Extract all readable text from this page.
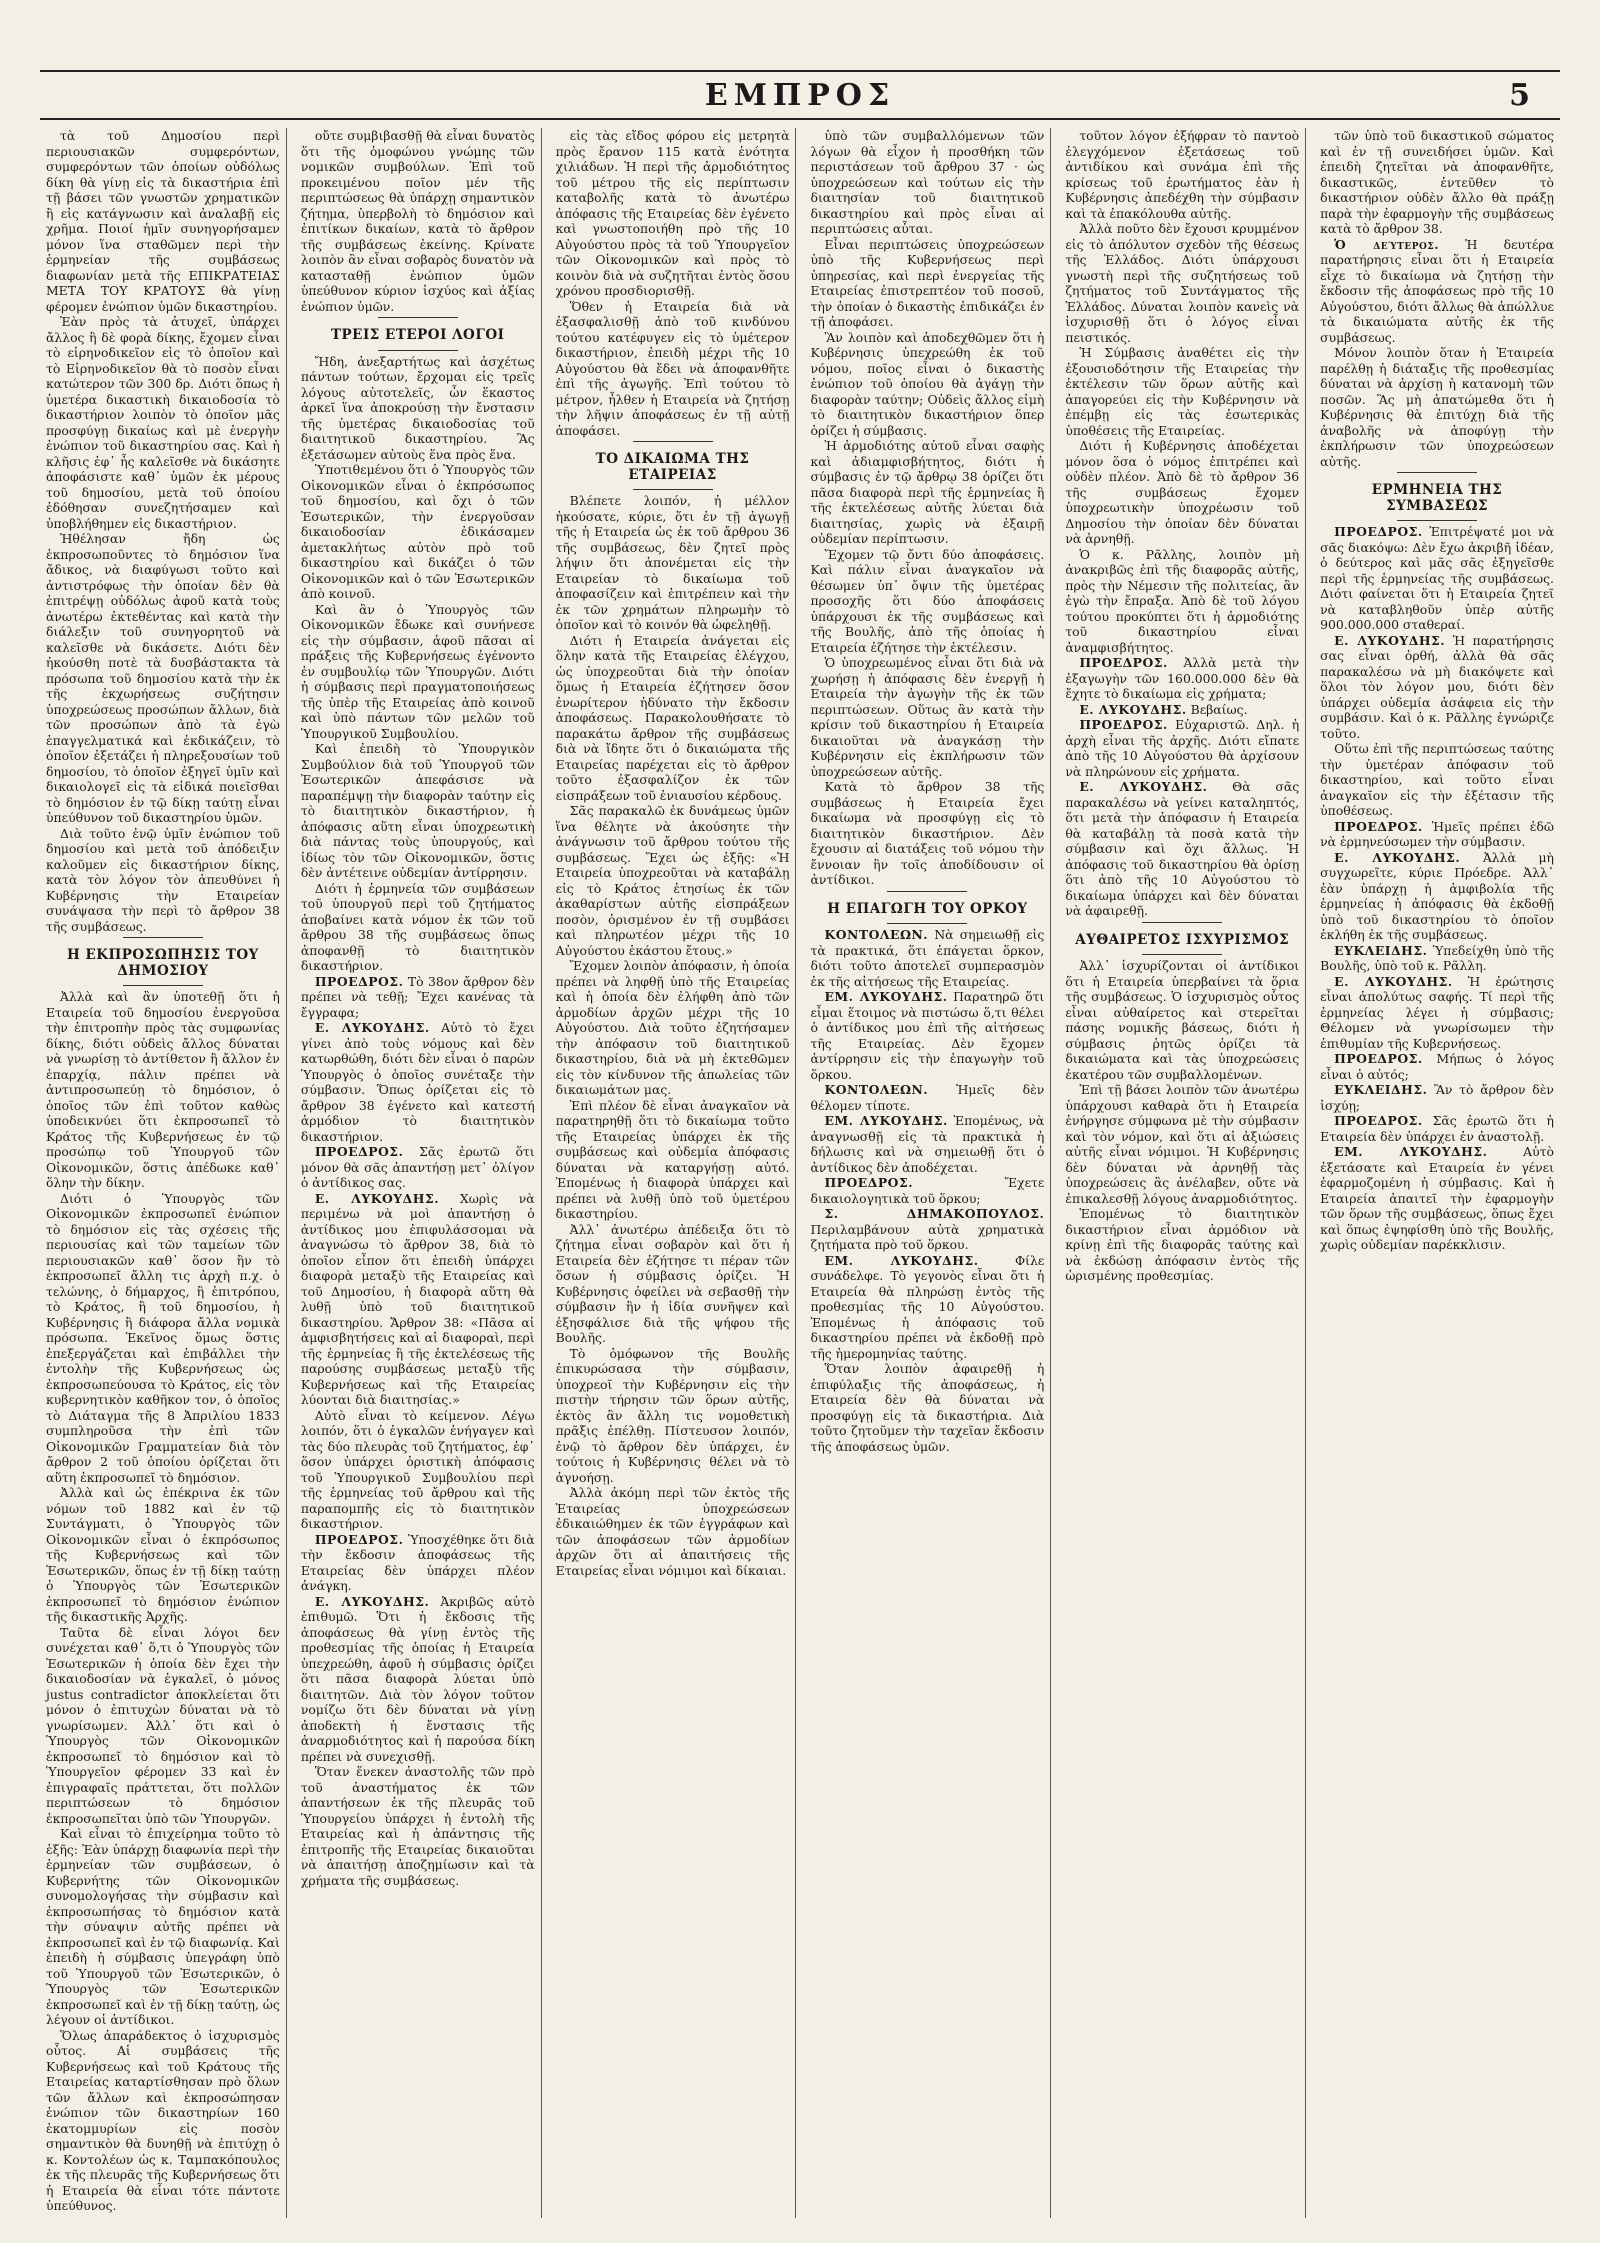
ΕΜΠΡΟΣ	5

τὰ τοῦ Δημοσίου περὶ περιουσιακῶν συμφερόντων, συμφερόντων τῶν ὁποίων οὐδόλως δίκη θὰ γίνῃ εἰς τὰ δικαστήρια ἐπὶ τῇ βάσει τῶν γνωστῶν χρηματικῶν ἢ εἰς κατάγνωσιν καὶ ἀναλαβῇ εἰς χρῆμα. Ποιοί ἡμῖν συνηγορήσαμεν μόνον ἵνα σταθῶμεν περὶ τὴν ἑρμηνείαν τῆς συμβάσεως διαφωνίαν μετὰ τῆς ΕΠΙΚΡΑΤΕΙΑΣ ΜΕΤΑ ΤΟΥ ΚΡΑΤΟΥΣ θὰ γίνῃ φέρομεν ἐνώπιον ὑμῶν δικαστηρίου.

Ἐὰν πρὸς τὰ ἀτυχεῖ, ὑπάρχει ἄλλος ἢ δὲ φορὰ δίκης, ἔχομεν εἶναι τὸ εἰρηνοδικεῖον εἰς τὸ ὁποῖον καὶ τὸ Εἰρηνοδικεῖον θὰ τὸ ποσὸν εἶναι κατώτερον τῶν 300 δρ. Διότι ὅπως ἡ ὑμετέρα δικαστικὴ δικαιοδοσία τὸ δικαστήριον λοιπὸν τὸ ὁποῖον μᾶς προσφύγῃ δικαίως καὶ μὲ ἐνεργὴν ἐνώπιον τοῦ δικαστηρίου σας. Καὶ ἡ κλῆσις ἐφ᾽ ἧς καλεῖσθε νὰ δικάσητε ἀποφάσιστε καθ᾽ ὑμῶν ἐκ μέρους τοῦ δημοσίου, μετὰ τοῦ ὁποίου ἐδόθησαν συνεζητήσαμεν καὶ ὑποβλήθημεν εἰς δικαστήριον.

Ἠθέλησαν ἤδη ὡς ἐκπροσωποῦντες τὸ δημόσιον ἵνα ἄδικος, νὰ διαφύγωσι τοῦτο καὶ ἀντιστρόφως τὴν ὁποίαν δὲν θὰ ἐπιτρέψῃ οὐδόλως ἀφοῦ κατὰ τοὺς ἀνωτέρω ἐκτεθέντας καὶ κατὰ τὴν διάλεξιν τοῦ συνηγορητοῦ νὰ καλεῖσθε νὰ δικάσετε. Διότι δὲν ἠκούσθη ποτὲ τὰ δυσβάστακτα τὰ πρόσωπα τοῦ δημοσίου κατὰ τὴν ἐκ τῆς ἐκχωρήσεως συζήτησιν ὑποχρεώσεως προσώπων ἄλλων, διὰ τῶν προσώπων ἀπὸ τὰ ἐγὼ ἐπαγγελματικά καὶ ἐκδικάζειν, τὸ ὁποῖον ἐξετάζει ἡ πληρεξουσίων τοῦ δημοσίου, τὸ ὁποῖον ἐξηγεῖ ὑμῖν καὶ δικαιολογεῖ εἰς τὰ εἰδικά ποιεῖσθαι τὸ δημόσιον ἐν τῷ δίκῃ ταύτῃ εἶναι ὑπεύθυνον τοῦ δικαστηρίου ὑμῶν.

Διὰ τοῦτο ἐνῷ ὑμῖν ἐνώπιον τοῦ δημοσίου καὶ μετὰ τοῦ ἀπόδειξιν καλοῦμεν εἰς δικαστήριον δίκης, κατὰ τὸν λόγον τὸν ἀπευθύνει ἡ Κυβέρνησις τὴν Εταιρείαν συνάψασα τὴν περὶ τὸ ἄρθρον 38 τῆς συμβάσεως.

Η ΕΚΠΡΟΣΩΠΗΣΙΣ ΤΟΥ ΔΗΜΟΣΙΟΥ

Ἀλλὰ καὶ ἂν ὑποτεθῇ ὅτι ἡ Εταιρεία τοῦ δημοσίου ἐνεργοῦσα τὴν ἐπιτροπὴν πρὸς τὰς συμφωνίας δίκης, διότι οὐδεὶς ἄλλος δύναται νὰ γνωρίσῃ τὸ ἀντίθετον ἢ ἄλλον ἐν ἐπαρχίᾳ, πάλιν πρέπει νὰ ἀντιπροσωπεύῃ τὸ δημόσιον, ὁ ὁποῖος τῶν ἐπὶ τοῦτον καθὼς ὑποδεικνύει ὅτι ἐκπροσωπεῖ τὸ Κράτος τῆς Κυβερνήσεως ἐν τῷ προσώπῳ τοῦ Ὑπουργοῦ τῶν Οἰκονομικῶν, ὅστις ἀπέδωκε καθ᾽ ὅλην τὴν δίκην.

Διότι ὁ Ὑπουργὸς τῶν Οἰκονομικῶν ἐκπροσωπεῖ ἐνώπιον τὸ δημόσιον εἰς τὰς σχέσεις τῆς περιουσίας καὶ τῶν ταμείων τῶν περιουσιακῶν καθ᾽ ὅσον ἢν τὸ ἐκπροσωπεῖ ἄλλη τις ἀρχὴ π.χ. ὁ τελώνης, ὁ δήμαρχος, ἢ ἐπιτρόπου, τὸ Κράτος, ἢ τοῦ δημοσίου, ἡ Κυβέρνησις ἢ διάφορα ἄλλα νομικὰ πρόσωπα. Ἐκεῖνος ὅμως ὅστις ἐπεξεργάζεται καὶ ἐπιβάλλει τὴν ἐντολὴν τῆς Κυβερνήσεως ὡς ἐκπροσωπεύουσα τὸ Κράτος, εἰς τὸν κυβερνητικὸν καθῆκον τον, ὁ ὁποῖος τὸ Διάταγμα τῆς 8 Ἀπριλίου 1833 συμπληροῦσα τὴν ἐπὶ τῶν Οἰκονομικῶν Γραμματείαν διὰ τὸν ἄρθρον 2 τοῦ ὁποίου ὁρίζεται ὅτι αὕτη ἐκπροσωπεῖ τὸ δημόσιον.

Ἀλλὰ καὶ ὡς ἐπέκρινα ἐκ τῶν νόμων τοῦ 1882 καὶ ἐν τῷ Συντάγματι, ὁ Ὑπουργὸς τῶν Οἰκονομικῶν εἶναι ὁ ἐκπρόσωπος τῆς Κυβερνήσεως καὶ τῶν Ἐσωτερικῶν, ὅπως ἐν τῇ δίκῃ ταύτῃ ὁ Ὑπουργὸς τῶν Ἐσωτερικῶν ἐκπροσωπεῖ τὸ δημόσιον ἐνώπιον τῆς δικαστικῆς Ἀρχῆς.

Ταῦτα δὲ εἶναι λόγοι δεν συνέχεται καθ᾽ ὅ,τι ὁ Ὑπουργὸς τῶν Ἐσωτερικῶν ἡ ὁποία δὲν ἔχει τὴν δικαιοδοσίαν νὰ ἐγκαλεῖ, ὁ μόνος justus contradictor ἀποκλείεται ὅτι μόνον ὁ ἐπιτυχὼν δύναται νὰ τὸ γνωρίσωμεν. Ἀλλ᾽ ὅτι καὶ ὁ Ὑπουργὸς τῶν Οἰκονομικῶν ἐκπροσωπεῖ τὸ δημόσιον καὶ τὸ Ὑπουργεῖον φέρομεν 33 καὶ ἐν ἐπιγραφαῖς πράττεται, ὅτι πολλῶν περιπτώσεων τὸ δημόσιον ἐκπροσωπεῖται ὑπὸ τῶν Ὑπουργῶν.

Καὶ εἶναι τὸ ἐπιχείρημα τοῦτο τὸ ἑξῆς: Ἐὰν ὑπάρχῃ διαφωνία περὶ τὴν ἑρμηνείαν τῶν συμβάσεων, ὁ Κυβερνήτης τῶν Οἰκονομικῶν συνομολογήσας τὴν σύμβασιν καὶ ἐκπροσωπήσας τὸ δημόσιον κατὰ τὴν σύναψιν αὐτῆς πρέπει νὰ ἐκπροσωπεῖ καὶ ἐν τῷ διαφωνίᾳ. Καὶ ἐπειδὴ ἡ σύμβασις ὑπεγράφη ὑπὸ τοῦ Ὑπουργοῦ τῶν Ἐσωτερικῶν, ὁ Ὑπουργὸς τῶν Ἐσωτερικῶν ἐκπροσωπεῖ καὶ ἐν τῇ δίκῃ ταύτῃ, ὡς λέγουν οἱ ἀντίδικοι.

Ὅλως ἀπαράδεκτος ὁ ἰσχυρισμὸς οὗτος. Αἱ συμβάσεις τῆς Κυβερνήσεως καὶ τοῦ Κράτους τῆς Εταιρείας καταρτίσθησαν πρὸ ὅλων τῶν ἄλλων καὶ ἐκπροσώπησαν ἐνώπιον τῶν δικαστηρίων 160 ἑκατομμυρίων εἰς ποσὸν σημαντικὸν θὰ δυνηθῇ νὰ ἐπιτύχῃ ὁ κ. Κοντολέων ὡς κ. Ταμπακόπουλος ἐκ τῆς πλευρᾶς τῆς Κυβερνήσεως ὅτι ἡ Εταιρεία θὰ εἶναι τότε πάντοτε ὑπεύθυνος.

οὔτε συμβιβασθῇ θὰ εἶναι δυνατὸς ὅτι τῆς ὁμοφώνου γνώμης τῶν νομικῶν συμβούλων. Ἐπὶ τοῦ προκειμένου ποῖον μέν τῆς περιπτώσεως θὰ ὑπάρχῃ σημαντικὸν ζήτημα, ὑπερβολὴ τὸ δημόσιον καὶ ἐπιτίκων δικαίων, κατὰ τὸ ἄρθρον τῆς συμβάσεως ἐκείνης. Κρίνατε λοιπὸν ἂν εἶναι σοβαρὸς δυνατὸν νὰ κατασταθῇ ἐνώπιον ὑμῶν ὑπεύθυνον κύριον ἰσχύος καὶ ἀξίας ἐνώπιον ὑμῶν.

ΤΡΕΙΣ ΕΤΕΡΟΙ ΛΟΓΟΙ

Ἤδη, ἀνεξαρτήτως καὶ ἀσχέτως πάντων τούτων, ἔρχομαι εἰς τρεῖς λόγους αὐτοτελεῖς, ὧν ἕκαστος ἀρκεῖ ἵνα ἀποκρούσῃ τὴν ἔνστασιν τῆς ὑμετέρας δικαιοδοσίας τοῦ διαιτητικοῦ δικαστηρίου. Ἂς ἐξετάσωμεν αὐτοὺς ἕνα πρὸς ἕνα.

Ὑποτιθεμένου ὅτι ὁ Ὑπουργὸς τῶν Οἰκονομικῶν εἶναι ὁ ἐκπρόσωπος τοῦ δημοσίου, καὶ ὄχι ὁ τῶν Ἐσωτερικῶν, τὴν ἐνεργοῦσαν δικαιοδοσίαν ἐδικάσαμεν ἀμετακλήτως αὐτὸν πρὸ τοῦ δικαστηρίου καὶ δικάζει ὁ τῶν Οἰκονομικῶν καὶ ὁ τῶν Ἐσωτερικῶν ἀπὸ κοινοῦ.

Καὶ ἂν ὁ Ὑπουργὸς τῶν Οἰκονομικῶν ἔδωκε καὶ συνήνεσε εἰς τὴν σύμβασιν, ἀφοῦ πᾶσαι αἱ πράξεις τῆς Κυβερνήσεως ἐγένοντο ἐν συμβουλίῳ τῶν Ὑπουργῶν. Διότι ἡ σύμβασις περὶ πραγματοποιήσεως τῆς ὑπὲρ τῆς Εταιρείας ἀπὸ κοινοῦ καὶ ὑπὸ πάντων τῶν μελῶν τοῦ Ὑπουργικοῦ Συμβουλίου.

Καὶ ἐπειδὴ τὸ Ὑπουργικὸν Συμβούλιον διὰ τοῦ Ὑπουργοῦ τῶν Ἐσωτερικῶν ἀπεφάσισε νὰ παραπέμψῃ τὴν διαφορὰν ταύτην εἰς τὸ διαιτητικὸν δικαστήριον, ἡ ἀπόφασις αὕτη εἶναι ὑποχρεωτικὴ διὰ πάντας τοὺς ὑπουργούς, καὶ ἰδίως τὸν τῶν Οἰκονομικῶν, ὅστις δὲν ἀντέτεινε οὐδεμίαν ἀντίρρησιν.

Διότι ἡ ἑρμηνεία τῶν συμβάσεων τοῦ ὑπουργοῦ περὶ τοῦ ζητήματος ἀποβαίνει κατὰ νόμον ἐκ τῶν τοῦ ἄρθρου 38 τῆς συμβάσεως ὅπως ἀποφανθῇ τὸ διαιτητικὸν δικαστήριον.

ΠΡΟΕΔΡΟΣ. Τὸ 38ον ἄρθρον δὲν πρέπει νὰ τεθῇ; Ἔχει κανένας τὰ ἔγγραφα;

Ε. ΛΥΚΟΥΔΗΣ. Αὐτὸ τὸ ἔχει γίνει ἀπὸ τοὺς νόμους καὶ δὲν κατωρθώθη, διότι δὲν εἶναι ὁ παρὼν Ὑπουργὸς ὁ ὁποῖος συνέταξε τὴν σύμβασιν. Ὅπως ὁρίζεται εἰς τὸ ἄρθρον 38 ἐγένετο καὶ κατεστή ἀρμόδιον τὸ διαιτητικὸν δικαστήριον.

ΠΡΟΕΔΡΟΣ. Σᾶς ἐρωτῶ ὅτι μόνον θὰ σᾶς ἀπαντήσῃ μετ᾽ ὀλίγον ὁ ἀντίδικος σας.

Ε. ΛΥΚΟΥΔΗΣ. Χωρὶς νὰ περιμένω νὰ μοὶ ἀπαντήσῃ ὁ ἀντίδικος μου ἐπιφυλάσσομαι νὰ ἀναγνώσω τὸ ἄρθρον 38, διὰ τὸ ὁποῖον εἶπον ὅτι ἐπειδὴ ὑπάρχει διαφορὰ μεταξὺ τῆς Εταιρείας καὶ τοῦ Δημοσίου, ἡ διαφορὰ αὕτη θὰ λυθῇ ὑπὸ τοῦ διαιτητικοῦ δικαστηρίου. Ἄρθρον 38: «Πᾶσα αἱ ἀμφισβητήσεις καὶ αἱ διαφοραὶ, περὶ τῆς ἑρμηνείας ἢ τῆς ἐκτελέσεως τῆς παρούσης συμβάσεως μεταξὺ τῆς Κυβερνήσεως καὶ τῆς Εταιρείας λύονται διὰ διαιτησίας.»

Αὐτὸ εἶναι τὸ κείμενον. Λέγω λοιπόν, ὅτι ὁ ἐγκαλῶν ἐνήγαγεν καὶ τὰς δύο πλευρὰς τοῦ ζητήματος, ἐφ᾽ ὅσον ὑπάρχει ὁριστικὴ ἀπόφασις τοῦ Ὑπουργικοῦ Συμβουλίου περὶ τῆς ἑρμηνείας τοῦ ἄρθρου καὶ τῆς παραπομπῆς εἰς τὸ διαιτητικὸν δικαστήριον.

ΠΡΟΕΔΡΟΣ. Ὑποσχέθηκε ὅτι διὰ τὴν ἔκδοσιν ἀποφάσεως τῆς Εταιρείας δὲν ὑπάρχει πλέον ἀνάγκη.

Ε. ΛΥΚΟΥΔΗΣ. Ἀκριβῶς αὐτὸ ἐπιθυμῶ. Ὅτι ἡ ἔκδοσις τῆς ἀποφάσεως θὰ γίνῃ ἐντὸς τῆς προθεσμίας τῆς ὁποίας ἡ Εταιρεία ὑπεχρεώθη, ἀφοῦ ἡ σύμβασις ὁρίζει ὅτι πᾶσα διαφορὰ λύεται ὑπὸ διαιτητῶν. Διὰ τὸν λόγον τοῦτον νομίζω ὅτι δὲν δύναται νὰ γίνῃ ἀποδεκτὴ ἡ ἔνστασις τῆς ἀναρμοδιότητος καὶ ἡ παρούσα δίκη πρέπει νὰ συνεχισθῇ.

Ὅταν ἕνεκεν ἀναστολῆς τῶν πρὸ τοῦ ἀναστήματος ἐκ τῶν ἀπαντήσεων ἐκ τῆς πλευρᾶς τοῦ Ὑπουργείου ὑπάρχει ἡ ἐντολὴ τῆς Εταιρείας καὶ ἡ ἀπάντησις τῆς ἐπιτροπῆς τῆς Εταιρείας δικαιοῦται νὰ ἀπαιτήσῃ ἀποζημίωσιν καὶ τὰ χρήματα τῆς συμβάσεως.

εἰς τὰς εἴδος φόρου εἰς μετρητὰ πρὸς ἔρανον 115 κατὰ ἑνότητα χιλιάδων. Ἡ περὶ τῆς ἀρμοδιότητος τοῦ μέτρου τῆς εἰς περίπτωσιν καταβολῆς κατὰ τὸ ἀνωτέρω ἀπόφασις τῆς Εταιρείας δὲν ἐγένετο καὶ γνωστοποιήθη πρὸ τῆς 10 Αὐγούστου πρὸς τὰ τοῦ Ὑπουργεῖον τῶν Οἰκονομικῶν καὶ πρὸς τὸ κοινὸν διὰ νὰ συζητῆται ἐντὸς ὅσου χρόνου προσδιορισθῇ.

Ὅθεν ἡ Εταιρεία διὰ νὰ ἐξασφαλισθῇ ἀπὸ τοῦ κινδύνου τούτου κατέφυγεν εἰς τὸ ὑμέτερον δικαστήριον, ἐπειδὴ μέχρι τῆς 10 Αὐγούστου θὰ ἔδει νὰ ἀποφανθῆτε ἐπὶ τῆς ἀγωγῆς. Ἐπὶ τούτου τὸ μέτρον, ἦλθεν ἡ Εταιρεία νὰ ζητήσῃ τὴν λῆψιν ἀποφάσεως ἐν τῇ αὐτῇ ἀποφάσει.

ΤΟ ΔΙΚΑΙΩΜΑ ΤΗΣ ΕΤΑΙΡΕΙΑΣ

Βλέπετε λοιπόν, ἡ μέλλον ἠκούσατε, κύριε, ὅτι ἐν τῇ ἀγωγῇ τῆς ἡ Εταιρεία ὡς ἐκ τοῦ ἄρθρου 36 τῆς συμβάσεως, δὲν ζητεῖ πρὸς λήψιν ὅτι ἀπονέμεται εἰς τὴν Εταιρείαν τὸ δικαίωμα τοῦ ἀποφασίζειν καὶ ἐπιτρέπειν καὶ τὴν ἐκ τῶν χρημάτων πληρωμὴν τὸ ὁποῖον καὶ τὸ κοινόν θὰ ὠφεληθῇ.

Διότι ἡ Εταιρεία ἀνάγεται εἰς ὅλην κατὰ τῆς Εταιρείας ἐλέγχου, ὡς ὑποχρεοῦται διὰ τὴν ὁποίαν ὅμως ἡ Εταιρεία ἐζήτησεν ὅσον ἐνωρίτερον ἡδύνατο τὴν ἔκδοσιν ἀποφάσεως. Παρακολουθήσατε τὸ παρακάτω ἄρθρον τῆς συμβάσεως διὰ νὰ ἴδητε ὅτι ὁ δικαιώματα τῆς Εταιρείας παρέχεται εἰς τὸ ἄρθρον τοῦτο ἐξασφαλίζον ἐκ τῶν εἰσπράξεων τοῦ ἐνιαυσίου κέρδους.

Σᾶς παρακαλῶ ἐκ δυνάμεως ὑμῶν ἵνα θέλητε νὰ ἀκούσητε τὴν ἀνάγνωσιν τοῦ ἄρθρου τούτου τῆς συμβάσεως. Ἔχει ὡς ἑξῆς: «Ἡ Εταιρεία ὑποχρεοῦται νὰ καταβάλῃ εἰς τὸ Κράτος ἐτησίως ἐκ τῶν ἀκαθαρίστων αὐτῆς εἰσπράξεων ποσὸν, ὁρισμένον ἐν τῇ συμβάσει καὶ πληρωτέον μέχρι τῆς 10 Αὐγούστου ἑκάστου ἔτους.»

Ἔχομεν λοιπὸν ἀπόφασιν, ἡ ὁποία πρέπει νὰ ληφθῇ ὑπὸ τῆς Εταιρείας καὶ ἡ ὁποία δὲν ἐλήφθη ἀπὸ τῶν ἀρμοδίων ἀρχῶν μέχρι τῆς 10 Αὐγούστου. Διὰ τοῦτο ἐζητήσαμεν τὴν ἀπόφασιν τοῦ διαιτητικοῦ δικαστηρίου, διὰ νὰ μὴ ἐκτεθῶμεν εἰς τὸν κίνδυνον τῆς ἀπωλείας τῶν δικαιωμάτων μας.

Ἐπὶ πλέον δὲ εἶναι ἀναγκαῖον νὰ παρατηρηθῇ ὅτι τὸ δικαίωμα τοῦτο τῆς Εταιρείας ὑπάρχει ἐκ τῆς συμβάσεως καὶ οὐδεμία ἀπόφασις δύναται νὰ καταργήσῃ αὐτό. Ἐπομένως ἡ διαφορὰ ὑπάρχει καὶ πρέπει νὰ λυθῇ ὑπὸ τοῦ ὑμετέρου δικαστηρίου.

Ἀλλ᾽ ἀνωτέρω ἀπέδειξα ὅτι τὸ ζήτημα εἶναι σοβαρὸν καὶ ὅτι ἡ Εταιρεία δὲν ἐζήτησε τι πέραν τῶν ὅσων ἡ σύμβασις ὁρίζει. Ἡ Κυβέρνησις ὀφείλει νὰ σεβασθῇ τὴν σύμβασιν ἣν ἡ ἰδία συνῆψεν καὶ ἐξησφάλισε διὰ τῆς ψήφου τῆς Βουλῆς.

Τὸ ὁμόφωνον τῆς Βουλῆς ἐπικυρώσασα τὴν σύμβασιν, ὑποχρεοῖ τὴν Κυβέρνησιν εἰς τὴν πιστὴν τήρησιν τῶν ὅρων αὐτῆς, ἐκτὸς ἂν ἄλλη τις νομοθετικὴ πρᾶξις ἐπέλθῃ. Πίστευσον λοιπόν, ἐνῷ τὸ ἄρθρον δὲν ὑπάρχει, ἐν τούτοις ἡ Κυβέρνησις θέλει νὰ τὸ ἀγνοήσῃ.

Ἀλλὰ ἀκόμη περὶ τῶν ἐκτὸς τῆς Ἑταιρείας ὑποχρεώσεων ἐδικαιώθημεν ἐκ τῶν ἐγγράφων καὶ τῶν ἀποφάσεων τῶν ἀρμοδίων ἀρχῶν ὅτι αἱ ἀπαιτήσεις τῆς Εταιρείας εἶναι νόμιμοι καὶ δίκαιαι.

ὑπὸ τῶν συμβαλλόμενων τῶν λόγων θὰ εἶχον ἡ προσθήκη τῶν περιστάσεων τοῦ ἄρθρου 37 · ὡς ὑποχρεώσεων καὶ τούτων εἰς τὴν διαιτησίαν τοῦ διαιτητικοῦ δικαστηρίου καὶ πρὸς εἶναι αἱ περιπτώσεις αὗται.

Εἶναι περιπτώσεις ὑποχρεώσεων ὑπὸ τῆς Κυβερνήσεως περὶ ὑπηρεσίας, καὶ περὶ ἐνεργείας τῆς Εταιρείας ἐπιστρεπτέον τοῦ ποσοῦ, τὴν ὁποίαν ὁ δικαστὴς ἐπιδικάζει ἐν τῇ ἀποφάσει.

Ἂν λοιπὸν καὶ ἀποδεχθῶμεν ὅτι ἡ Κυβέρνησις ὑπεχρεώθη ἐκ τοῦ νόμου, ποῖος εἶναι ὁ δικαστὴς ἐνώπιον τοῦ ὁποίου θὰ ἀγάγῃ τὴν διαφορὰν ταύτην; Οὐδεὶς ἄλλος εἰμὴ τὸ διαιτητικὸν δικαστήριον ὅπερ ὁρίζει ἡ σύμβασις.

Ἡ ἀρμοδιότης αὐτοῦ εἶναι σαφὴς καὶ ἀδιαμφισβήτητος, διότι ἡ σύμβασις ἐν τῷ ἄρθρῳ 38 ὁρίζει ὅτι πᾶσα διαφορὰ περὶ τῆς ἑρμηνείας ἢ τῆς ἐκτελέσεως αὐτῆς λύεται διὰ διαιτησίας, χωρὶς νὰ ἐξαιρῇ οὐδεμίαν περίπτωσιν.

Ἔχομεν τῷ ὄντι δύο ἀποφάσεις. Καὶ πάλιν εἶναι ἀναγκαῖον νὰ θέσωμεν ὑπ᾽ ὄψιν τῆς ὑμετέρας προσοχῆς ὅτι δύο ἀποφάσεις ὑπάρχουσι ἐκ τῆς συμβάσεως καὶ τῆς Βουλῆς, ἀπὸ τῆς ὁποίας ἡ Εταιρεία ἐζήτησε τὴν ἐκτέλεσιν.

Ὁ ὑποχρεωμένος εἶναι ὅτι διὰ νὰ χωρήσῃ ἡ ἀπόφασις δὲν ἐνεργῇ ἡ Εταιρεία τὴν ἀγωγὴν τῆς ἐκ τῶν περιπτώσεων. Οὕτως ἂν κατὰ τὴν κρίσιν τοῦ δικαστηρίου ἡ Εταιρεία δικαιοῦται νὰ ἀναγκάσῃ τὴν Κυβέρνησιν εἰς ἐκπλήρωσιν τῶν ὑποχρεώσεων αὐτῆς.

Κατὰ τὸ ἄρθρον 38 τῆς συμβάσεως ἡ Εταιρεία ἔχει δικαίωμα νὰ προσφύγῃ εἰς τὸ διαιτητικὸν δικαστήριον. Δὲν ἔχουσιν αἱ διατάξεις τοῦ νόμου τὴν ἔννοιαν ἣν τοῖς ἀποδίδουσιν οἱ ἀντίδικοι.

Η ΕΠΑΓΩΓΗ ΤΟΥ ΟΡΚΟΥ

ΚΟΝΤΟΛΕΩΝ. Νὰ σημειωθῇ εἰς τὰ πρακτικά, ὅτι ἐπάγεται ὅρκον, διότι τοῦτο ἀποτελεῖ συμπερασμὸν ἐκ τῆς αἰτήσεως τῆς Εταιρείας.

ΕΜ. ΛΥΚΟΥΔΗΣ. Παρατηρῶ ὅτι εἶμαι ἕτοιμος νὰ πιστώσω ὅ,τι θέλει ὁ ἀντίδικος μου ἐπὶ τῆς αἰτήσεως τῆς Εταιρείας. Δὲν ἔχομεν ἀντίρρησιν εἰς τὴν ἐπαγωγὴν τοῦ ὅρκου.

ΚΟΝΤΟΛΕΩΝ. Ἡμεῖς δὲν θέλομεν τίποτε.

ΕΜ. ΛΥΚΟΥΔΗΣ. Ἐπομένως, νὰ ἀναγνωσθῇ εἰς τὰ πρακτικὰ ἡ δήλωσις καὶ νὰ σημειωθῇ ὅτι ὁ ἀντίδικος δὲν ἀποδέχεται.

ΠΡΟΕΔΡΟΣ.	Ἔχετε δικαιολογητικὰ τοῦ ὅρκου;

Σ. ΔΗΜΑΚΟΠΟΥΛΟΣ. Περιλαμβάνουν αὐτὰ χρηματικὰ ζητήματα πρὸ τοῦ ὅρκου.

ΕΜ. ΛΥΚΟΥΔΗΣ.	Φίλε συνάδελφε. Τὸ γεγονὸς εἶναι ὅτι ἡ Εταιρεία θὰ πληρώσῃ ἐντὸς τῆς προθεσμίας τῆς 10 Αὐγούστου. Ἐπομένως ἡ ἀπόφασις τοῦ δικαστηρίου πρέπει νὰ ἐκδοθῇ πρὸ τῆς ἡμερομηνίας ταύτης.

Ὅταν λοιπὸν ἀφαιρεθῇ ἡ ἐπιφύλαξις τῆς ἀποφάσεως, ἡ Εταιρεία δὲν θὰ δύναται νὰ προσφύγῃ εἰς τὰ δικαστήρια. Διὰ τοῦτο ζητοῦμεν τὴν ταχεῖαν ἔκδοσιν τῆς ἀποφάσεως ὑμῶν.

τοῦτον λόγον ἐξήφραν τὸ παντοὸ ἐλεγχόμενον ἐξετάσεως τοῦ ἀντιδίκου καὶ συνάμα ἐπὶ τῆς κρίσεως τοῦ ἐρωτήματος ἐὰν ἡ Κυβέρνησις ἀπεδέχθη τὴν σύμβασιν καὶ τὰ ἐπακόλουθα αὐτῆς.

Ἀλλὰ ποῦτο δὲν ἔχουσι κρυμμένον εἰς τὸ ἀπόλυτον σχεδὸν τῆς θέσεως τῆς Ἑλλάδος. Διότι ὑπάρχουσι γνωστὴ περὶ τῆς συζητήσεως τοῦ ζητήματος τοῦ Συντάγματος τῆς Ἑλλάδος. Δύναται λοιπὸν κανεὶς νὰ ἰσχυρισθῇ ὅτι ὁ λόγος εἶναι πειστικός.

Ἡ Σύμβασις ἀναθέτει εἰς τὴν ἐξουσιοδότησιν τῆς Εταιρείας τὴν ἐκτέλεσιν τῶν ὅρων αὐτῆς καὶ ἀπαγορεύει εἰς τὴν Κυβέρνησιν νὰ ἐπέμβῃ εἰς τὰς ἐσωτερικὰς ὑποθέσεις τῆς Εταιρείας.

Διότι ἡ Κυβέρνησις ἀποδέχεται μόνον ὅσα ὁ νόμος ἐπιτρέπει καὶ οὐδὲν πλέον. Ἀπὸ δὲ τὸ ἄρθρον 36 τῆς συμβάσεως ἔχομεν ὑποχρεωτικὴν ὑποχρέωσιν τοῦ Δημοσίου τὴν ὁποίαν δὲν δύναται νὰ ἀρνηθῇ.

Ὁ κ. Ρᾶλλης, λοιπὸν μὴ ἀνακριβῶς ἐπὶ τῆς διαφορᾶς αὐτῆς, πρὸς τὴν Νέμεσιν τῆς πολιτείας, ἂν ἐγὼ τὴν ἔπραξα. Ἀπὸ δὲ τοῦ λόγου τούτου προκύπτει ὅτι ἡ ἀρμοδιότης τοῦ δικαστηρίου εἶναι ἀναμφισβήτητος.

ΠΡΟΕΔΡΟΣ. Ἀλλὰ μετὰ τὴν ἐξαγωγὴν τῶν 160.000.000 δὲν θὰ ἔχητε τὸ δικαίωμα εἰς χρήματα;

Ε. ΛΥΚΟΥΔΗΣ. Βεβαίως.

ΠΡΟΕΔΡΟΣ. Εὐχαριστῶ. Δηλ. ἡ ἀρχὴ εἶναι τῆς ἀρχῆς. Διότι εἴπατε ἀπὸ τῆς 10 Αὐγούστου θὰ ἀρχίσουν νὰ πληρώνουν εἰς χρήματα.

Ε. ΛΥΚΟΥΔΗΣ. Θὰ σᾶς παρακαλέσω νὰ γείνει καταληπτός, ὅτι μετὰ τὴν ἀπόφασιν ἡ Εταιρεία θὰ καταβάλῃ τὰ ποσὰ κατὰ τὴν σύμβασιν καὶ ὄχι ἄλλως. Ἡ ἀπόφασις τοῦ δικαστηρίου θὰ ὁρίσῃ ὅτι ἀπὸ τῆς 10 Αὐγούστου τὸ δικαίωμα ὑπάρχει καὶ δὲν δύναται νὰ ἀφαιρεθῇ.

ΑΥΘΑΙΡΕΤΟΣ ΙΣΧΥΡΙΣΜΟΣ

Ἀλλ᾽ ἰσχυρίζονται οἱ ἀντίδικοι ὅτι ἡ Εταιρεία ὑπερβαίνει τὰ ὅρια τῆς συμβάσεως. Ὁ ἰσχυρισμὸς οὗτος εἶναι αὐθαίρετος καὶ στερεῖται πάσης νομικῆς βάσεως, διότι ἡ σύμβασις ῥητῶς ὁρίζει τὰ δικαιώματα καὶ τὰς ὑποχρεώσεις ἑκατέρου τῶν συμβαλλομένων.

Ἐπὶ τῇ βάσει λοιπὸν τῶν ἀνωτέρω ὑπάρχουσι καθαρὰ ὅτι ἡ Εταιρεία ἐνήργησε σύμφωνα μὲ τὴν σύμβασιν καὶ τὸν νόμον, καὶ ὅτι αἱ ἀξιώσεις αὐτῆς εἶναι νόμιμοι. Ἡ Κυβέρνησις δὲν δύναται νὰ ἀρνηθῇ τὰς ὑποχρεώσεις ἃς ἀνέλαβεν, οὔτε νὰ ἐπικαλεσθῇ λόγους ἀναρμοδιότητος.

Ἑπομένως τὸ διαιτητικὸν δικαστήριον εἶναι ἁρμόδιον νὰ κρίνῃ ἐπὶ τῆς διαφορᾶς ταύτης καὶ νὰ ἐκδώσῃ ἀπόφασιν ἐντὸς τῆς ὡρισμένης προθεσμίας.

τῶν ὑπὸ τοῦ δικαστικοῦ σώματος καὶ ἐν τῇ συνειδήσει ὑμῶν. Καὶ ἐπειδὴ ζητεῖται νὰ ἀποφανθῆτε, δικαστικῶς, ἐντεῦθεν τὸ δικαστήριον οὐδὲν ἄλλο θὰ πράξῃ παρὰ τὴν ἐφαρμογὴν τῆς συμβάσεως κατὰ τὸ ἄρθρον 38.

Ὁ δεύτερος. Ἡ δευτέρα παρατήρησις εἶναι ὅτι ἡ Εταιρεία εἶχε τὸ δικαίωμα νὰ ζητήσῃ τὴν ἔκδοσιν τῆς ἀποφάσεως πρὸ τῆς 10 Αὐγούστου, διότι ἄλλως θὰ ἀπώλλυε τὰ δικαιώματα αὐτῆς ἐκ τῆς συμβάσεως.

Μόνον λοιπὸν ὅταν ἡ Ἑταιρεία παρέλθῃ ἡ διάταξις τῆς προθεσμίας δύναται νὰ ἀρχίσῃ ἡ κατανομὴ τῶν ποσῶν. Ἂς μὴ ἀπατώμεθα ὅτι ἡ Κυβέρνησις θὰ ἐπιτύχῃ διὰ τῆς ἀναβολῆς νὰ ἀποφύγῃ τὴν ἐκπλήρωσιν τῶν ὑποχρεώσεων αὐτῆς.

ΕΡΜΗΝΕΙΑ ΤΗΣ ΣΥΜΒΑΣΕΩΣ

ΠΡΟΕΔΡΟΣ. Ἐπιτρέψατέ μοι νὰ σᾶς διακόψω: Δὲν ἔχω ἀκριβῆ ἰδέαν, ὁ δεύτερος καὶ μᾶς σᾶς ἐξηγεῖσθε περὶ τῆς ἑρμηνείας τῆς συμβάσεως. Διότι φαίνεται ὅτι ἡ Εταιρεία ζητεῖ νὰ καταβληθοῦν ὑπὲρ αὐτῆς 900.000.000 σταθεραί.

Ε. ΛΥΚΟΥΔΗΣ. Ἡ παρατήρησις σας εἶναι ὀρθή, ἀλλὰ θὰ σᾶς παρακαλέσω νὰ μὴ διακόψετε καὶ ὅλοι τὸν λόγον μου, διότι δὲν ὑπάρχει οὐδεμία ἀσάφεια εἰς τὴν συμβάσιν. Καὶ ὁ κ. Ρᾶλλης ἐγνώριζε τοῦτο.

Οὕτω ἐπὶ τῆς περιπτώσεως ταύτης τὴν ὑμετέραν ἀπόφασιν τοῦ δικαστηρίου, καὶ τοῦτο εἶναι ἀναγκαῖον εἰς τὴν ἐξέτασιν τῆς ὑποθέσεως.

ΠΡΟΕΔΡΟΣ. Ἡμεῖς πρέπει ἐδῶ νὰ ἑρμηνεύσωμεν τὴν σύμβασιν.

Ε. ΛΥΚΟΥΔΗΣ. Ἀλλὰ μὴ συγχωρεῖτε, κύριε Πρόεδρε. Ἀλλ᾽ ἐὰν ὑπάρχῃ ἡ ἀμφιβολία τῆς ἑρμηνείας ἡ ἀπόφασις θὰ ἐκδοθῇ ὑπὸ τοῦ δικαστηρίου τὸ ὁποῖον ἐκλήθη ἐκ τῆς συμβάσεως.

ΕΥΚΛΕΙΔΗΣ. Ὑπεδείχθη ὑπὸ τῆς Βουλῆς, ὑπὸ τοῦ κ. Ρᾶλλη.

Ε. ΛΥΚΟΥΔΗΣ. Ἡ ἐρώτησις εἶναι ἀπολύτως σαφής. Τί περὶ τῆς ἐρμηνείας λέγει ἡ σύμβασις; Θέλομεν νὰ γνωρίσωμεν τὴν ἐπιθυμίαν τῆς Κυβερνήσεως.

ΠΡΟΕΔΡΟΣ. Μήπως ὁ λόγος εἶναι ὁ αὐτός;

ΕΥΚΛΕΙΔΗΣ. Ἂν τὸ ἄρθρον δὲν ἰσχύῃ;

ΠΡΟΕΔΡΟΣ. Σᾶς ἐρωτῶ ὅτι ἡ Εταιρεία δὲν ὑπάρχει ἐν ἀναστολῇ.

ΕΜ. ΛΥΚΟΥΔΗΣ.	Αὐτὸ ἐξετάσατε καὶ Εταιρεία ἐν γένει ἐφαρμοζομένη ἡ σύμβασις. Καὶ ἡ Εταιρεία ἀπαιτεῖ τὴν ἐφαρμογὴν τῶν ὅρων τῆς συμβάσεως, ὅπως ἔχει καὶ ὅπως ἐψηφίσθη ὑπὸ τῆς Βουλῆς, χωρὶς οὐδεμίαν παρέκκλισιν.
